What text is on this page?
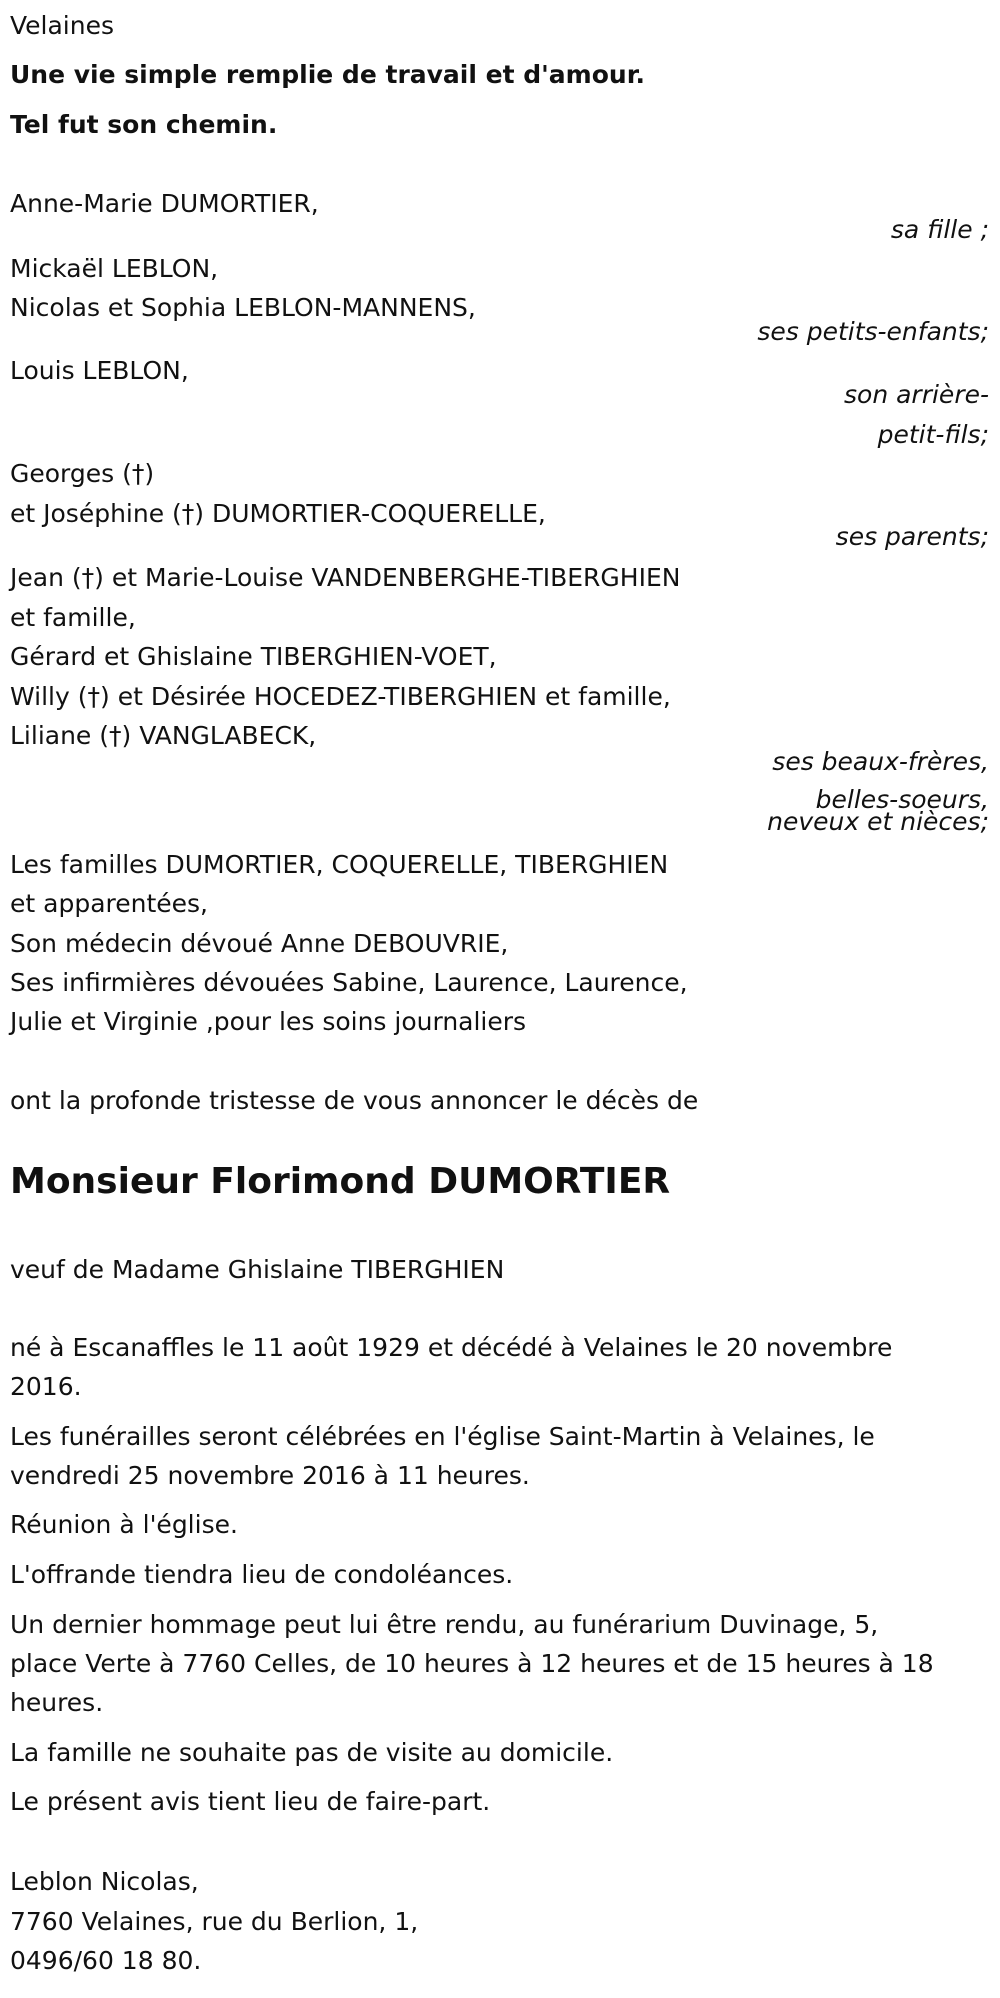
Velaines
Une vie simple remplie de travail et d'amour.
Tel fut son chemin.
Anne-Marie DUMORTIER,
sa fille ;
Mickaël LEBLON,
Nicolas et Sophia LEBLON-MANNENS,
ses petits-enfants;
Louis LEBLON,
son arrière-
petit-fils;
Georges (†)
et Joséphine (†) DUMORTIER-COQUERELLE,
ses parents;
Jean (†) et Marie-Louise VANDENBERGHE-TIBERGHIEN
et famille,
Gérard et Ghislaine TIBERGHIEN-VOET,
Willy (†) et Désirée HOCEDEZ-TIBERGHIEN et famille,
Liliane (†) VANGLABECK,
ses beaux-frères,
belles-soeurs,
neveux et nièces;
Les familles DUMORTIER, COQUERELLE, TIBERGHIEN
et apparentées,
Son médecin dévoué Anne DEBOUVRIE,
Ses infirmières dévouées Sabine, Laurence, Laurence,
Julie et Virginie ,pour les soins journaliers
ont la profonde tristesse de vous annoncer le décès de
Monsieur Florimond DUMORTIER
veuf de Madame Ghislaine TIBERGHIEN
né à Escanaffles le 11 août 1929 et décédé à Velaines le 20 novembre
2016.
Les funérailles seront célébrées en l'église Saint-Martin à Velaines, le
vendredi 25 novembre 2016 à 11 heures.
Réunion à l'église.
L'offrande tiendra lieu de condoléances.
Un dernier hommage peut lui être rendu, au funérarium Duvinage, 5,
place Verte à 7760 Celles, de 10 heures à 12 heures et de 15 heures à 18
heures.
La famille ne souhaite pas de visite au domicile.
Le présent avis tient lieu de faire-part.
Leblon Nicolas,
7760 Velaines, rue du Berlion, 1,
0496/60 18 80.
